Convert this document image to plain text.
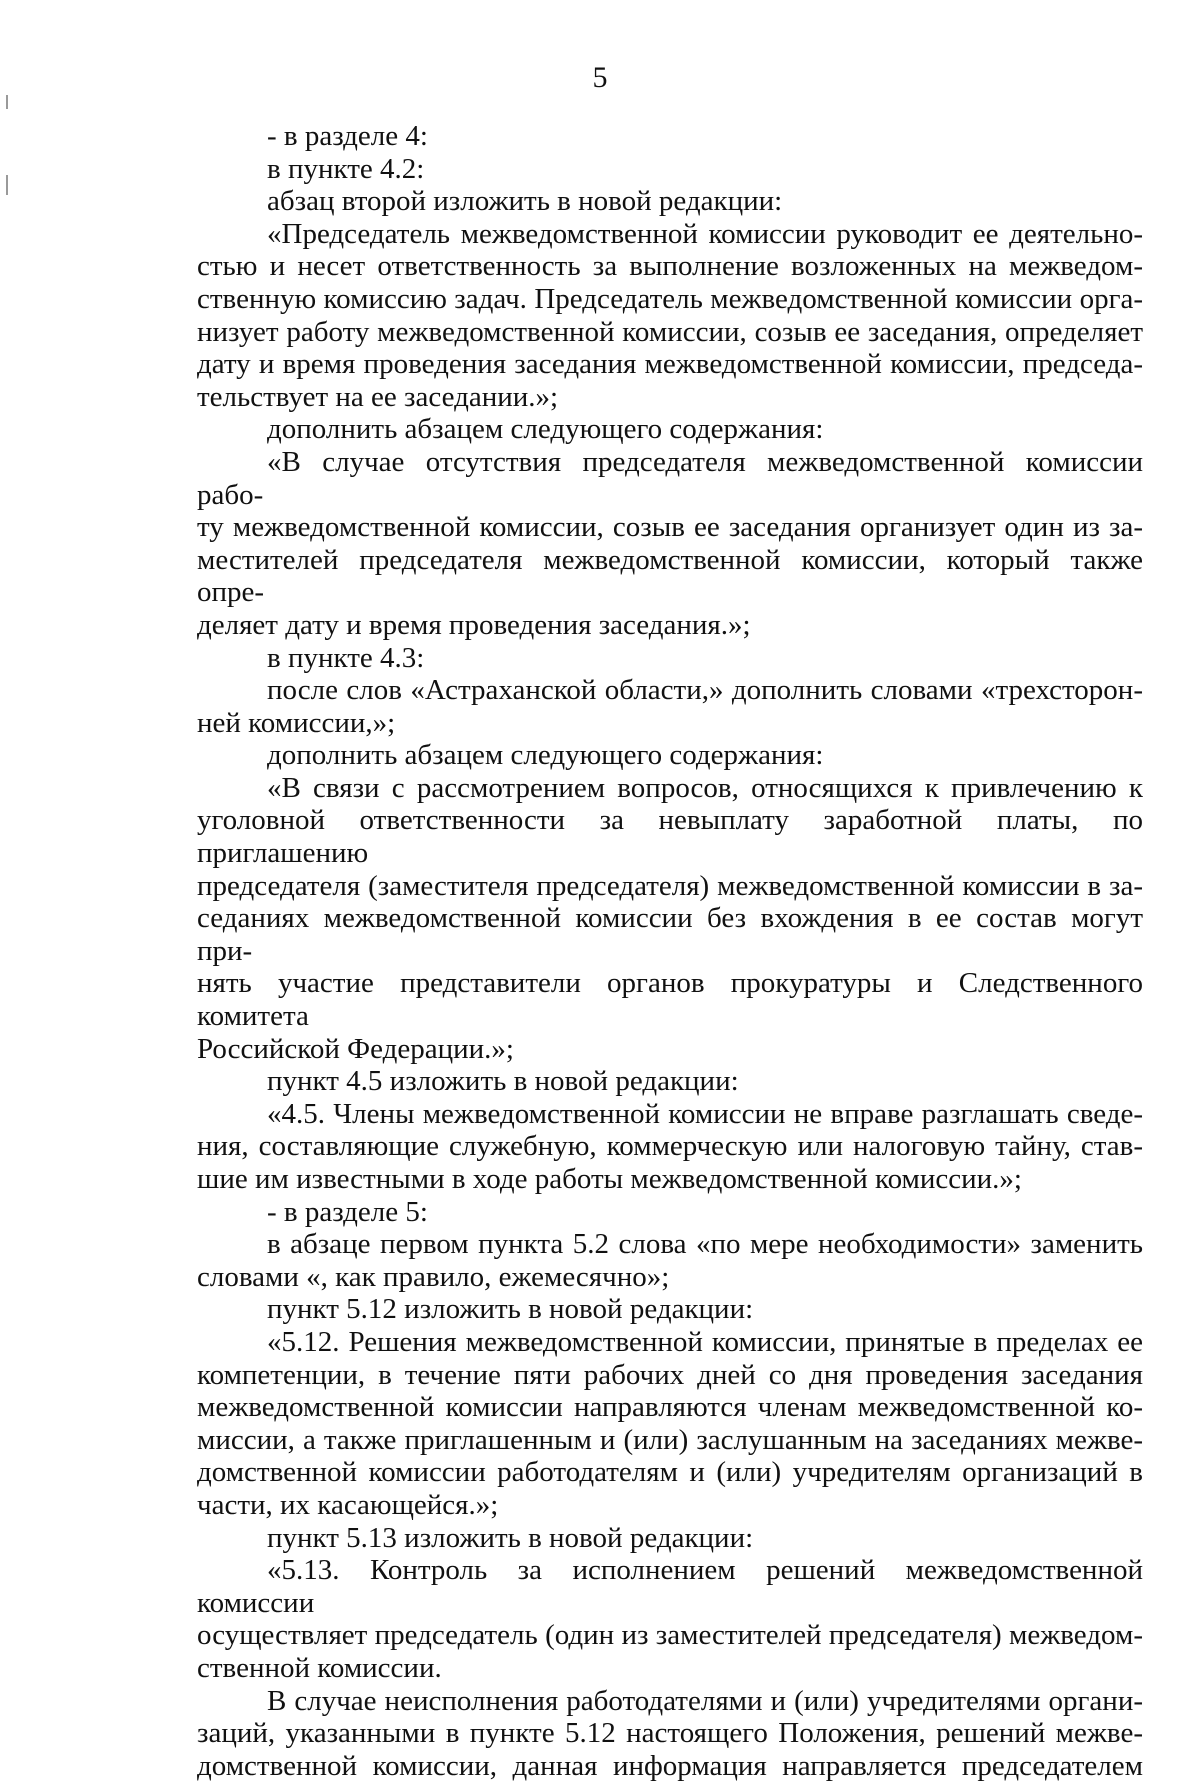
5

- в разделе 4:

в пункте 4.2:

абзац второй изложить в новой редакции:

«Председатель межведомственной комиссии руководит ее деятельно-

стью и несет ответственность за выполнение возложенных на межведом-

ственную комиссию задач. Председатель межведомственной комиссии орга-

низует работу межведомственной комиссии, созыв ее заседания, определяет

дату и время проведения заседания межведомственной комиссии, председа-

тельствует на ее заседании.»;

дополнить абзацем следующего содержания:

«В случае отсутствия председателя межведомственной комиссии рабо-

ту межведомственной комиссии, созыв ее заседания организует один из за-

местителей председателя межведомственной комиссии, который также опре-

деляет дату и время проведения заседания.»;

в пункте 4.3:

после слов «Астраханской области,» дополнить словами «трехсторон-

ней комиссии,»;

дополнить абзацем следующего содержания:

«В связи с рассмотрением вопросов, относящихся к привлечению к

уголовной ответственности за невыплату заработной платы, по приглашению

председателя (заместителя председателя) межведомственной комиссии в за-

седаниях межведомственной комиссии без вхождения в ее состав могут при-

нять участие представители органов прокуратуры и Следственного комитета

Российской Федерации.»;

пункт 4.5 изложить в новой редакции:

«4.5. Члены межведомственной комиссии не вправе разглашать сведе-

ния, составляющие служебную, коммерческую или налоговую тайну, став-

шие им известными в ходе работы межведомственной комиссии.»;

- в разделе 5:

в абзаце первом пункта 5.2 слова «по мере необходимости» заменить

словами «, как правило, ежемесячно»;

пункт 5.12 изложить в новой редакции:

«5.12. Решения межведомственной комиссии, принятые в пределах ее

компетенции, в течение пяти рабочих дней со дня проведения заседания

межведомственной комиссии направляются членам межведомственной ко-

миссии, а также приглашенным и (или) заслушанным на заседаниях межве-

домственной комиссии работодателям и (или) учредителям организаций в

части, их касающейся.»;

пункт 5.13 изложить в новой редакции:

«5.13. Контроль за исполнением решений межведомственной комиссии

осуществляет председатель (один из заместителей председателя) межведом-

ственной комиссии.

В случае неисполнения работодателями и (или) учредителями органи-

заций, указанными в пункте 5.12 настоящего Положения, решений межве-

домственной комиссии, данная информация направляется председателем
